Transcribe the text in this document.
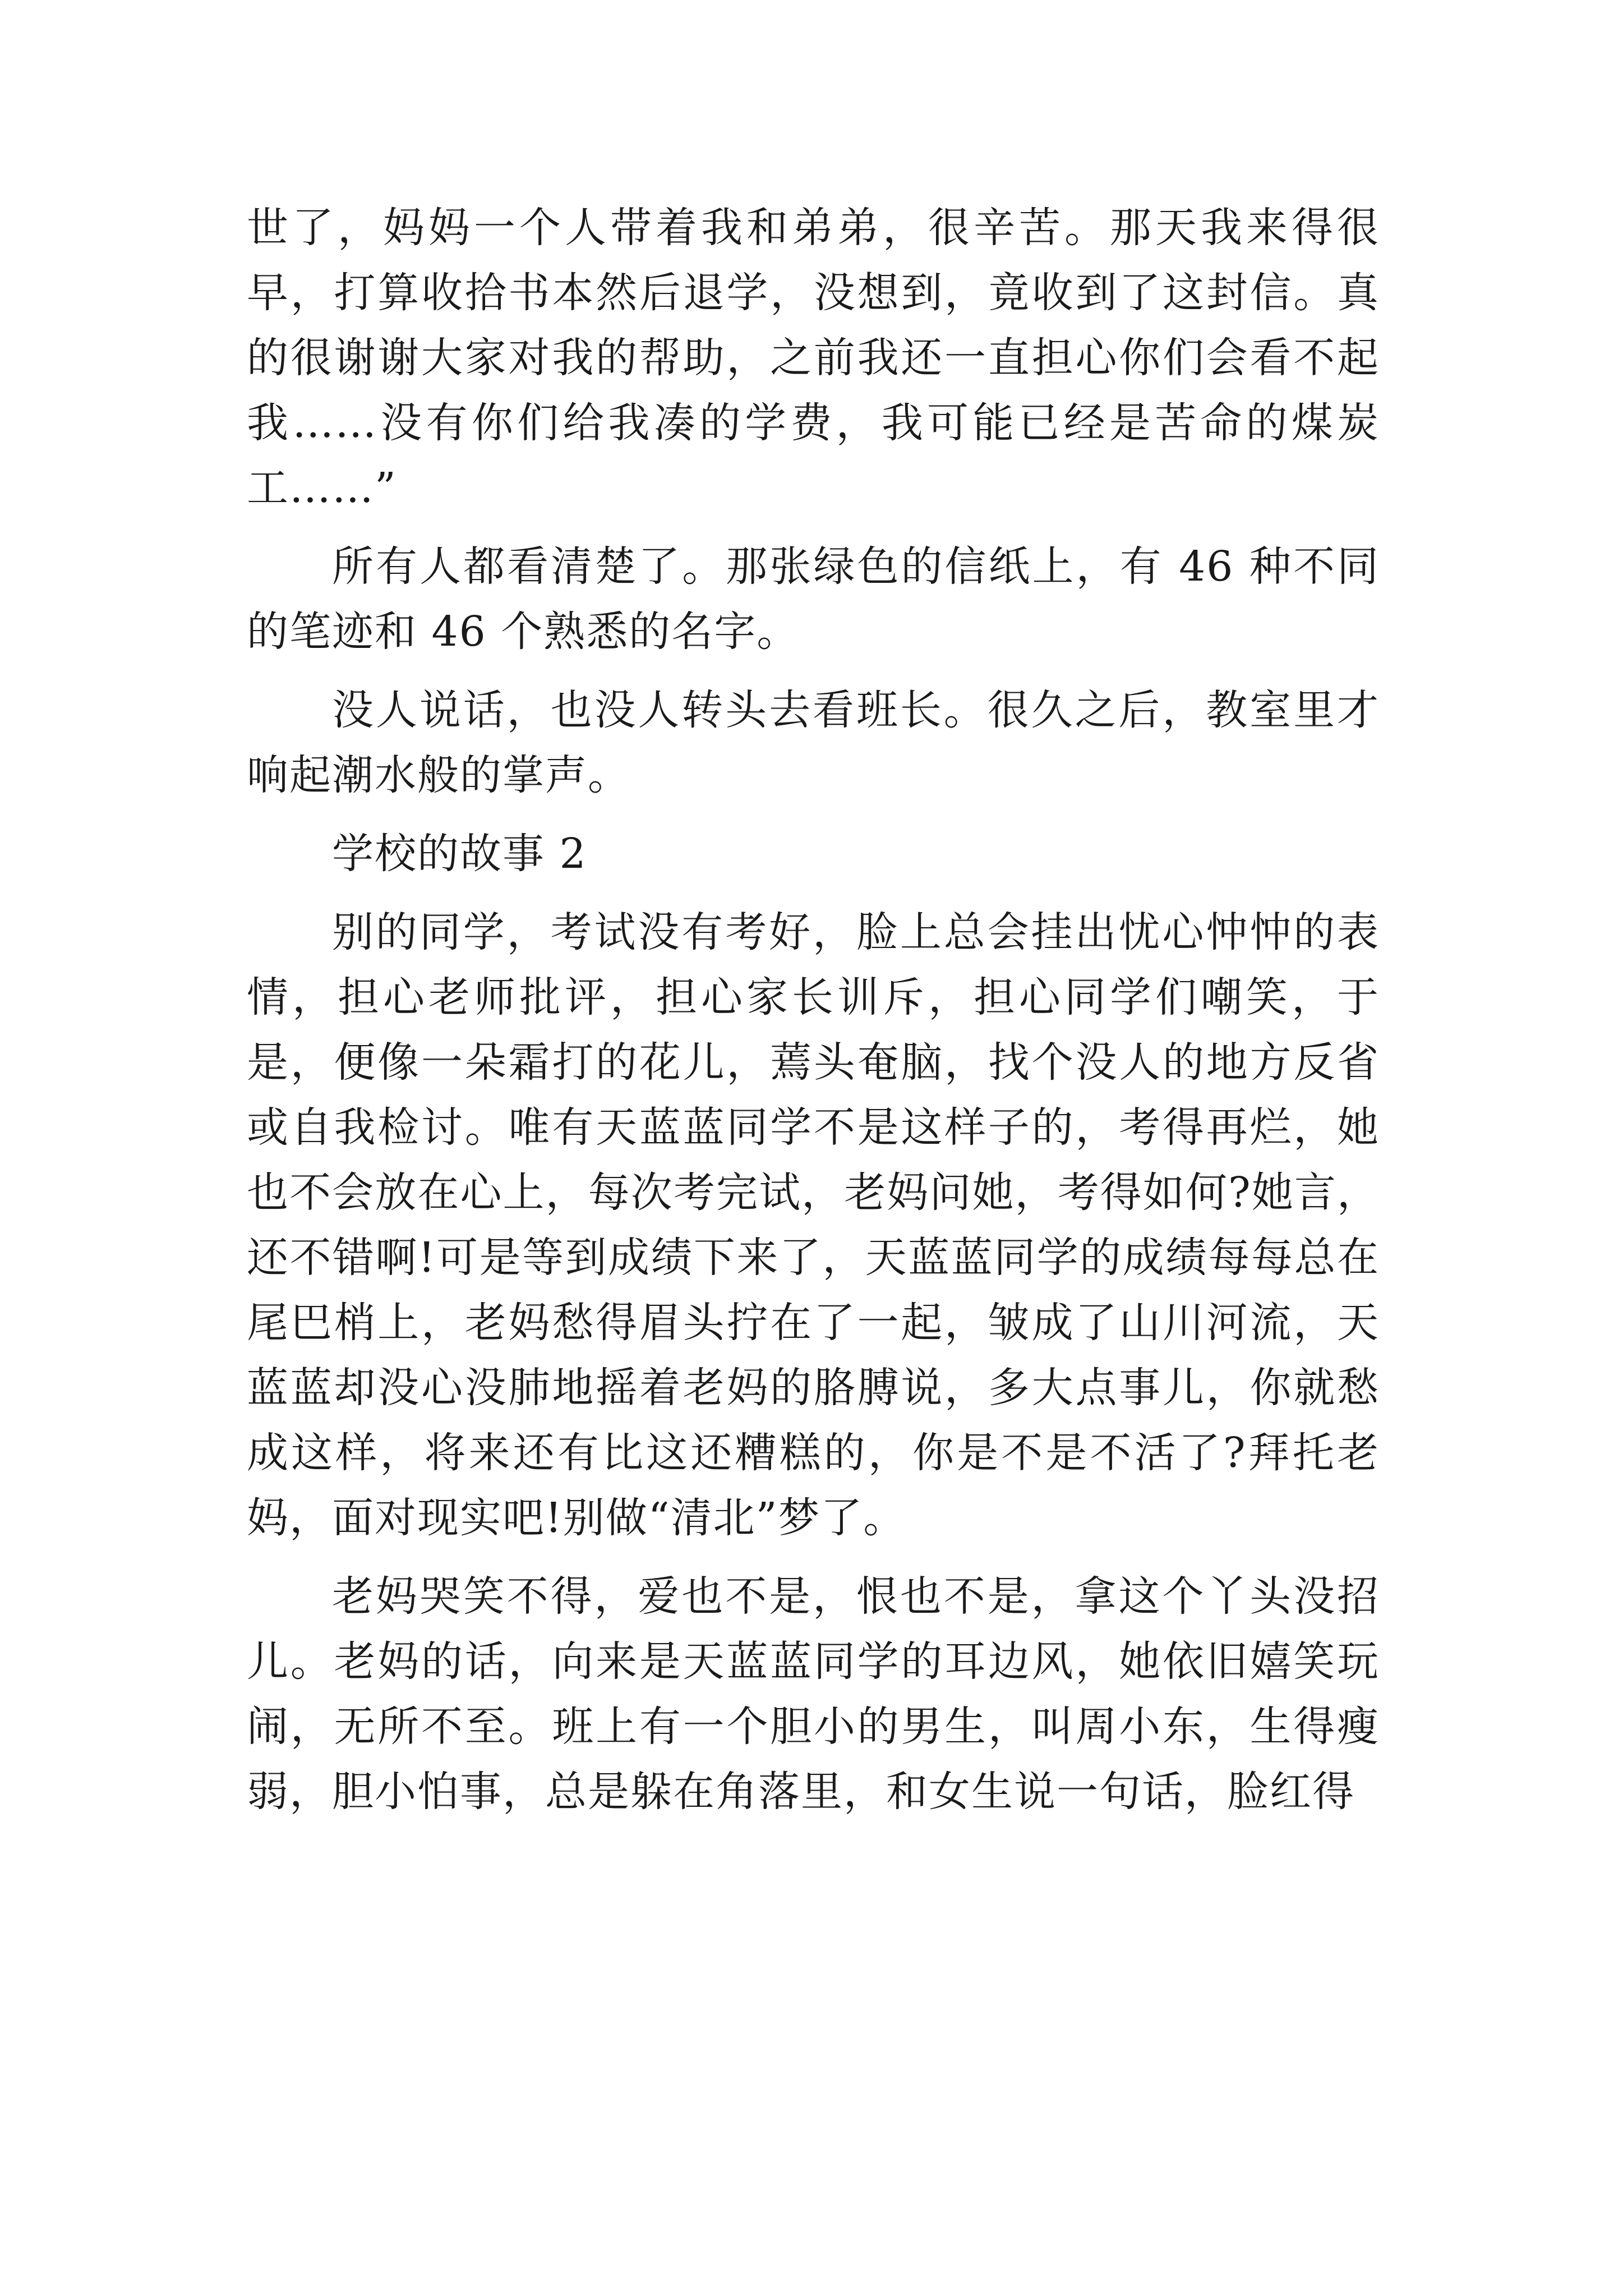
世了，妈妈一个人带着我和弟弟，很辛苦。那天我来得很早，打算收拾书本然后退学，没想到，竟收到了这封信。真的很谢谢大家对我的帮助，之前我还一直担心你们会看不起我……没有你们给我凑的学费，我可能已经是苦命的煤炭工……”

所有人都看清楚了。那张绿色的信纸上，有 46 种不同的笔迹和 46 个熟悉的名字。

没人说话，也没人转头去看班长。很久之后，教室里才响起潮水般的掌声。

学校的故事 2

别的同学，考试没有考好，脸上总会挂出忧心忡忡的表情，担心老师批评，担心家长训斥，担心同学们嘲笑，于是，便像一朵霜打的花儿，蔫头奄脑，找个没人的地方反省或自我检讨。唯有天蓝蓝同学不是这样子的，考得再烂，她也不会放在心上，每次考完试，老妈问她，考得如何?她言，还不错啊!可是等到成绩下来了，天蓝蓝同学的成绩每每总在尾巴梢上，老妈愁得眉头拧在了一起，皱成了山川河流，天蓝蓝却没心没肺地摇着老妈的胳膊说，多大点事儿，你就愁成这样，将来还有比这还糟糕的，你是不是不活了?拜托老妈，面对现实吧!别做“清北”梦了。

老妈哭笑不得，爱也不是，恨也不是，拿这个丫头没招儿。老妈的话，向来是天蓝蓝同学的耳边风，她依旧嬉笑玩闹，无所不至。班上有一个胆小的男生，叫周小东，生得瘦弱，胆小怕事，总是躲在角落里，和女生说一句话，脸红得
